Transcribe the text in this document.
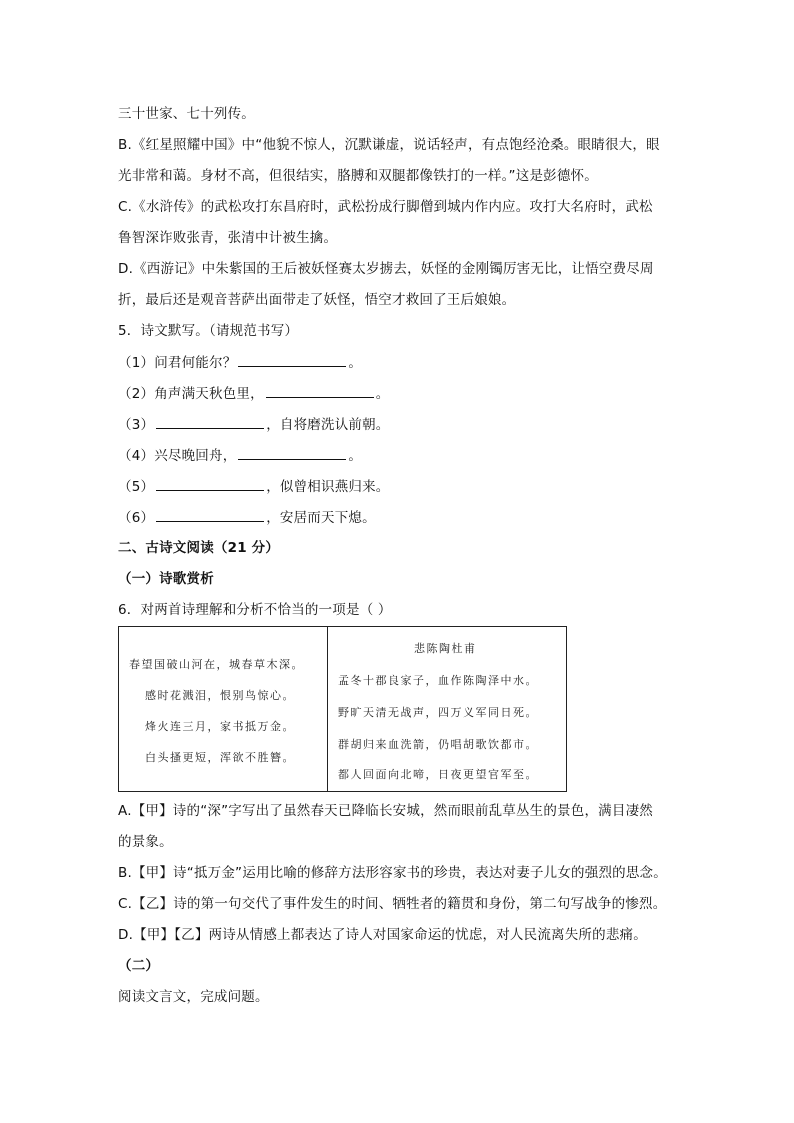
三十世家、七十列传。
B.《红星照耀中国》中“他貌不惊人，沉默谦虚，说话轻声，有点饱经沧桑。眼睛很大，眼
光非常和蔼。身材不高，但很结实，胳膊和双腿都像铁打的一样。”这是彭德怀。
C.《水浒传》的武松攻打东昌府时，武松扮成行脚僧到城内作内应。攻打大名府时，武松
鲁智深诈败张青，张清中计被生擒。
D.《西游记》中朱紫国的王后被妖怪赛太岁掳去，妖怪的金刚镯厉害无比，让悟空费尽周
折，最后还是观音菩萨出面带走了妖怪，悟空才救回了王后娘娘。
5．诗文默写。（请规范书写）
（1）问君何能尔？	。
（2）角声满天秋色里，	。
（3）	，自将磨洗认前朝。
（4）兴尽晚回舟，	。
（5）	，似曾相识燕归来。
（6）	，安居而天下熄。
二、古诗文阅读（21 分）
（一）诗歌赏析
6．对两首诗理解和分析不恰当的一项是（ ）
春望国破山河在，城春草木深。
感时花溅泪，恨别鸟惊心。
烽火连三月，家书抵万金。
白头搔更短，浑欲不胜簪。
悲陈陶杜甫
孟冬十郡良家子，血作陈陶泽中水。
野旷天清无战声，四万义军同日死。
群胡归来血洗箭，仍唱胡歌饮都市。
都人回面向北啼，日夜更望官军至。
A.【甲】诗的“深”字写出了虽然春天已降临长安城，然而眼前乱草丛生的景色，满目凄然
的景象。
B.【甲】诗“抵万金”运用比喻的修辞方法形容家书的珍贵，表达对妻子儿女的强烈的思念。
C.【乙】诗的第一句交代了事件发生的时间、牺牲者的籍贯和身份，第二句写战争的惨烈。
D.【甲】【乙】两诗从情感上都表达了诗人对国家命运的忧虑，对人民流离失所的悲痛。
（二）
阅读文言文，完成问题。
